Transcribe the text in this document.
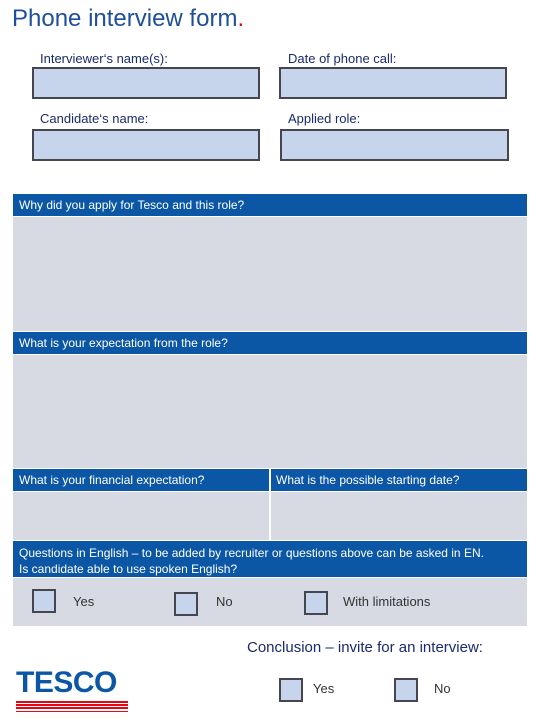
Phone interview form.
Interviewer‘s name(s):	Date of phone call:
Candidate‘s name:	Applied role:
Why did you apply for Tesco and this role?
What is your expectation from the role?
What is your financial expectation?	What is the possible starting date?
Questions in English – to be added by recruiter or questions above can be asked in EN.
Is candidate able to use spoken English?
Yes	No	With limitations
Conclusion – invite for an interview:
Yes	No
TESCO
